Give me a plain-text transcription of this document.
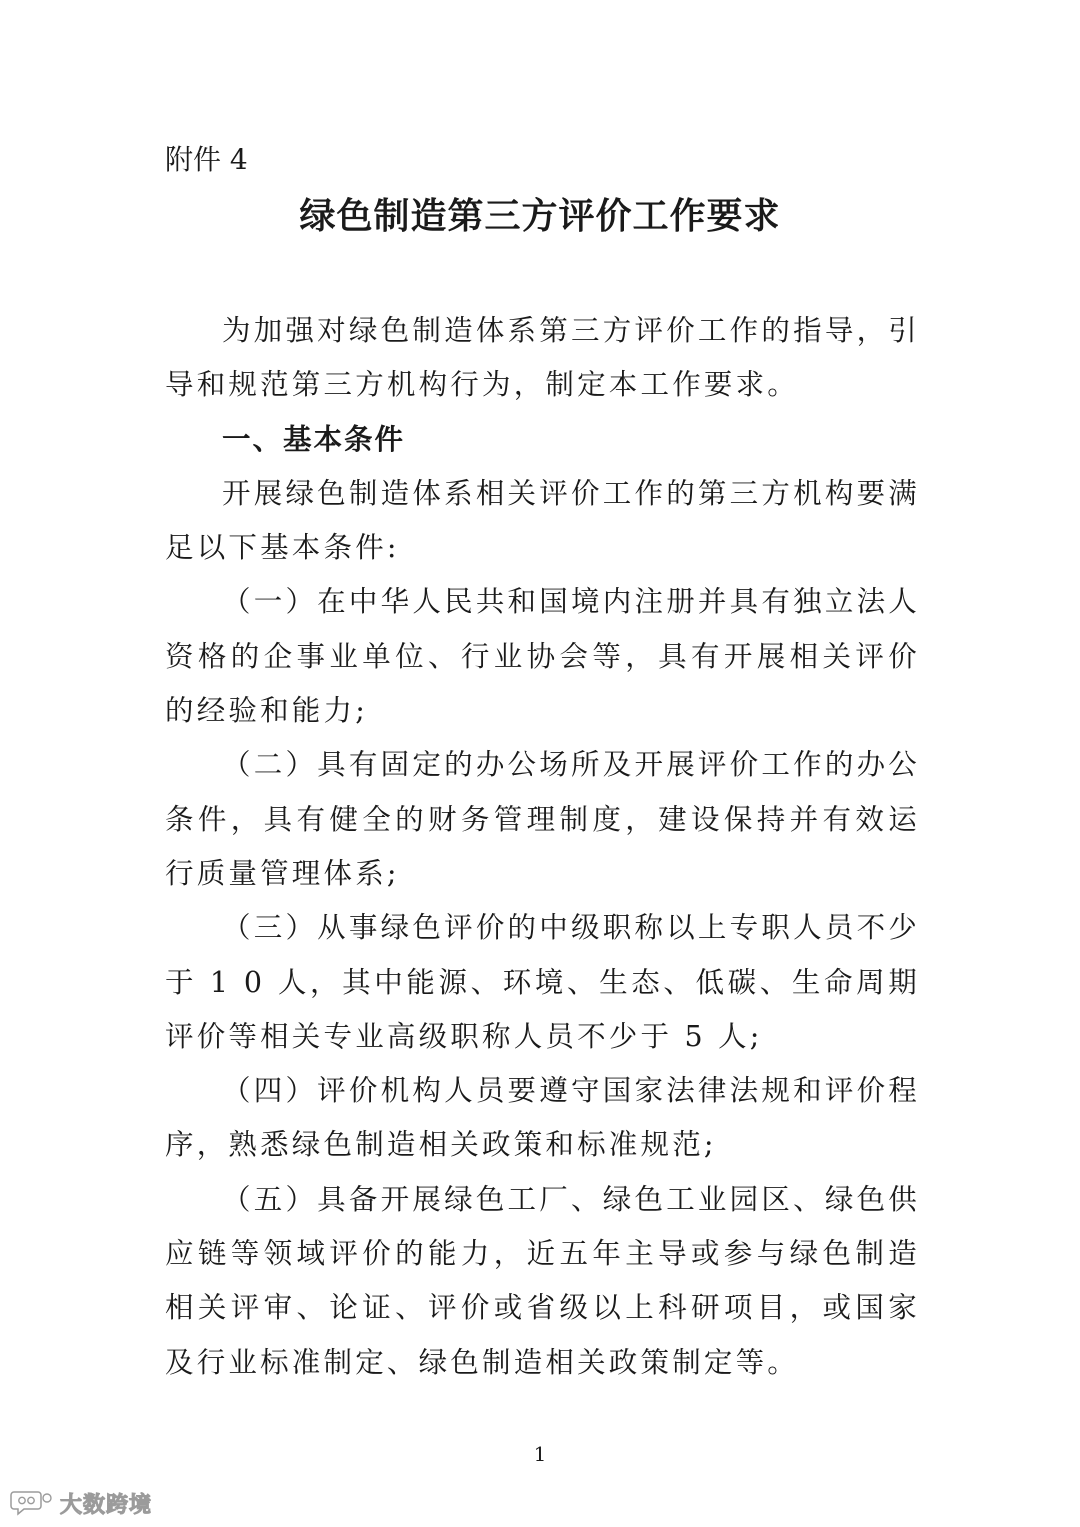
附件 4
绿色制造第三方评价工作要求

为加强对绿色制造体系第三方评价工作的指导，引导和规范第三方机构行为，制定本工作要求。

一、基本条件

开展绿色制造体系相关评价工作的第三方机构要满足以下基本条件:

（一）在中华人民共和国境内注册并具有独立法人资格的企事业单位、行业协会等，具有开展相关评价的经验和能力;

（二）具有固定的办公场所及开展评价工作的办公条件，具有健全的财务管理制度，建设保持并有效运行质量管理体系;

（三）从事绿色评价的中级职称以上专职人员不少于 1 0 人，其中能源、环境、生态、低碳、生命周期评价等相关专业高级职称人员不少于 5 人;

（四）评价机构人员要遵守国家法律法规和评价程序，熟悉绿色制造相关政策和标准规范;

（五）具备开展绿色工厂、绿色工业园区、绿色供应链等领域评价的能力，近五年主导或参与绿色制造相关评审、论证、评价或省级以上科研项目，或国家及行业标准制定、绿色制造相关政策制定等。

1
大数跨境
